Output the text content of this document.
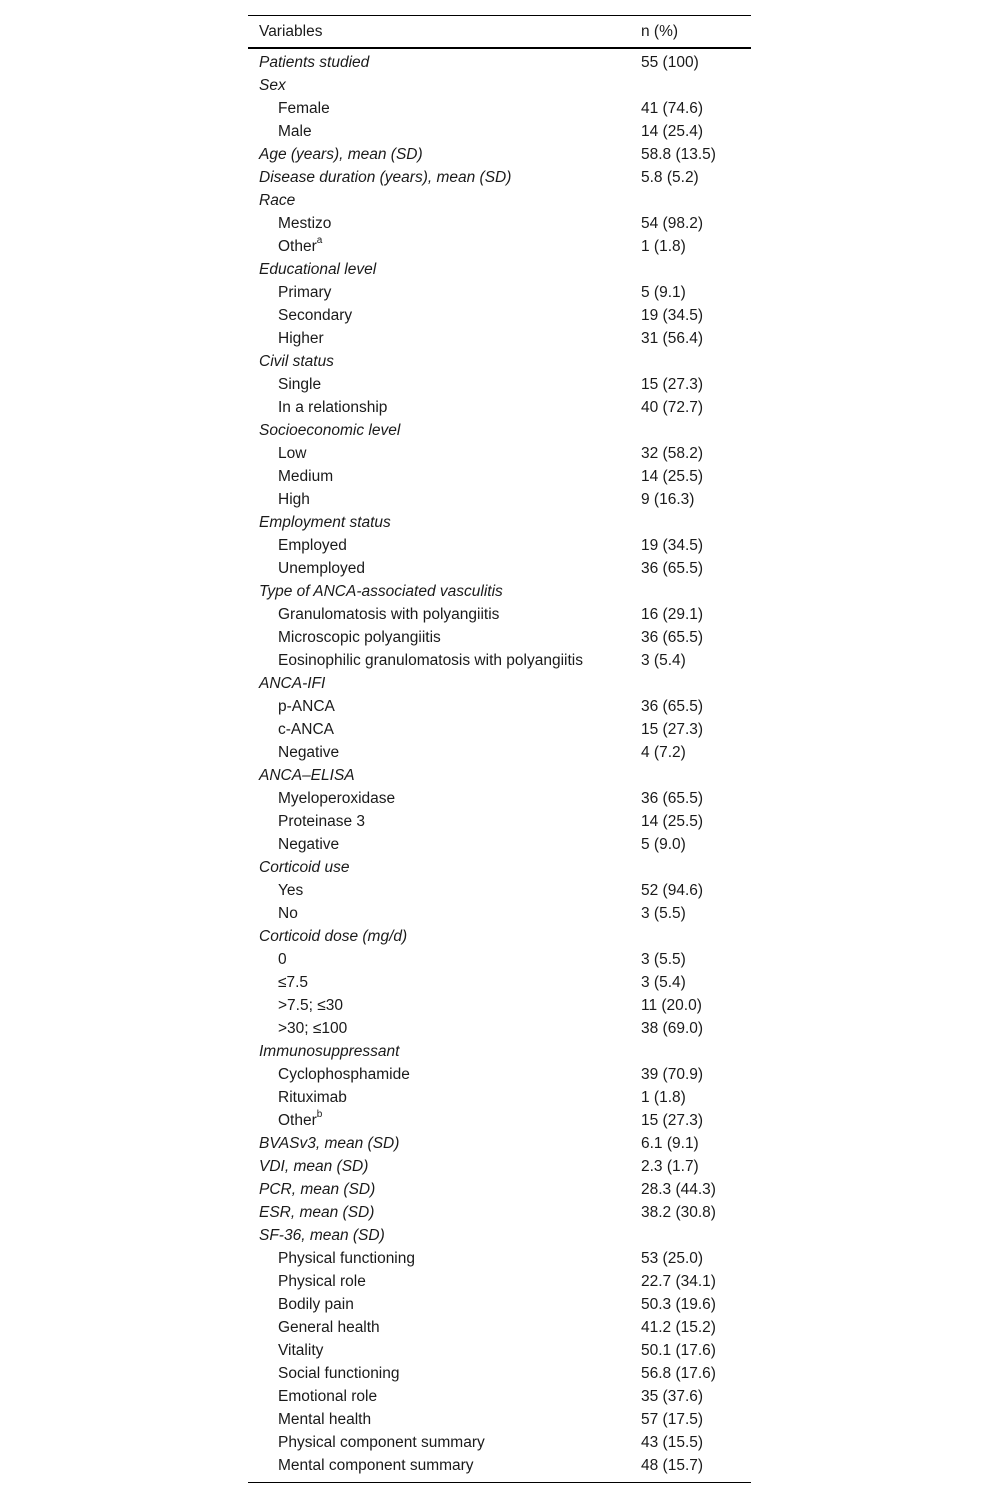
Variables	n (%)
Patients studied	55 (100)
Sex
Female	41 (74.6)
Male	14 (25.4)
Age (years), mean (SD)	58.8 (13.5)
Disease duration (years), mean (SD)	5.8 (5.2)
Race
Mestizo	54 (98.2)
Other$^a$	1 (1.8)
Educational level
Primary	5 (9.1)
Secondary	19 (34.5)
Higher	31 (56.4)
Civil status
Single	15 (27.3)
In a relationship	40 (72.7)
Socioeconomic level
Low	32 (58.2)
Medium	14 (25.5)
High	9 (16.3)
Employment status
Employed	19 (34.5)
Unemployed	36 (65.5)
Type of ANCA-associated vasculitis
Granulomatosis with polyangiitis	16 (29.1)
Microscopic polyangiitis	36 (65.5)
Eosinophilic granulomatosis with polyangiitis	3 (5.4)
ANCA-IFI
p-ANCA	36 (65.5)
c-ANCA	15 (27.3)
Negative	4 (7.2)
ANCA–ELISA
Myeloperoxidase	36 (65.5)
Proteinase 3	14 (25.5)
Negative	5 (9.0)
Corticoid use
Yes	52 (94.6)
No	3 (5.5)
Corticoid dose (mg/d)
0	3 (5.5)
≤7.5	3 (5.4)
>7.5; ≤30	11 (20.0)
>30; ≤100	38 (69.0)
Immunosuppressant
Cyclophosphamide	39 (70.9)
Rituximab	1 (1.8)
Other$^b$	15 (27.3)
BVASv3, mean (SD)	6.1 (9.1)
VDI, mean (SD)	2.3 (1.7)
PCR, mean (SD)	28.3 (44.3)
ESR, mean (SD)	38.2 (30.8)
SF-36, mean (SD)
Physical functioning	53 (25.0)
Physical role	22.7 (34.1)
Bodily pain	50.3 (19.6)
General health	41.2 (15.2)
Vitality	50.1 (17.6)
Social functioning	56.8 (17.6)
Emotional role	35 (37.6)
Mental health	57 (17.5)
Physical component summary	43 (15.5)
Mental component summary	48 (15.7)
